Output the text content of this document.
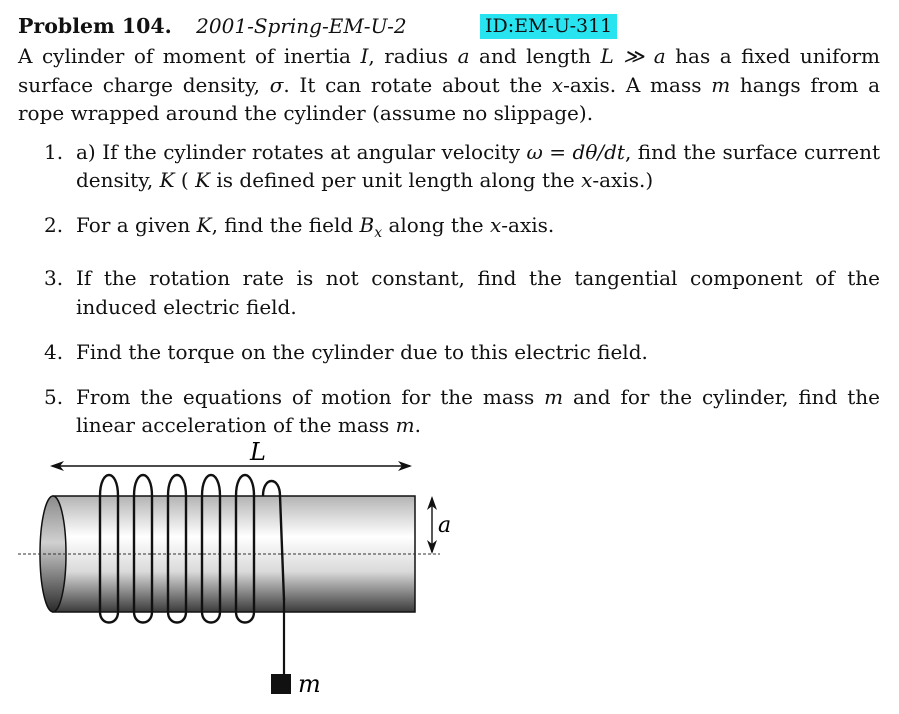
Problem 104. 2001-Spring-EM-U-2	ID:EM-U-311

A cylinder of moment of inertia I, radius a and length L ≫ a has a fixed uniform surface charge density, σ. It can rotate about the x-axis. A mass m hangs from a rope wrapped around the cylinder (assume no slippage).

1. a) If the cylinder rotates at angular velocity ω = dθ/dt, find the surface current density, K ( K is defined per unit length along the x-axis.)
2. For a given K, find the field $B_x$ along the x-axis.
3. If the rotation rate is not constant, find the tangential component of the induced electric field.
4. Find the torque on the cylinder due to this electric field.
5. From the equations of motion for the mass m and for the cylinder, find the linear acceleration of the mass m.
L
m
a
